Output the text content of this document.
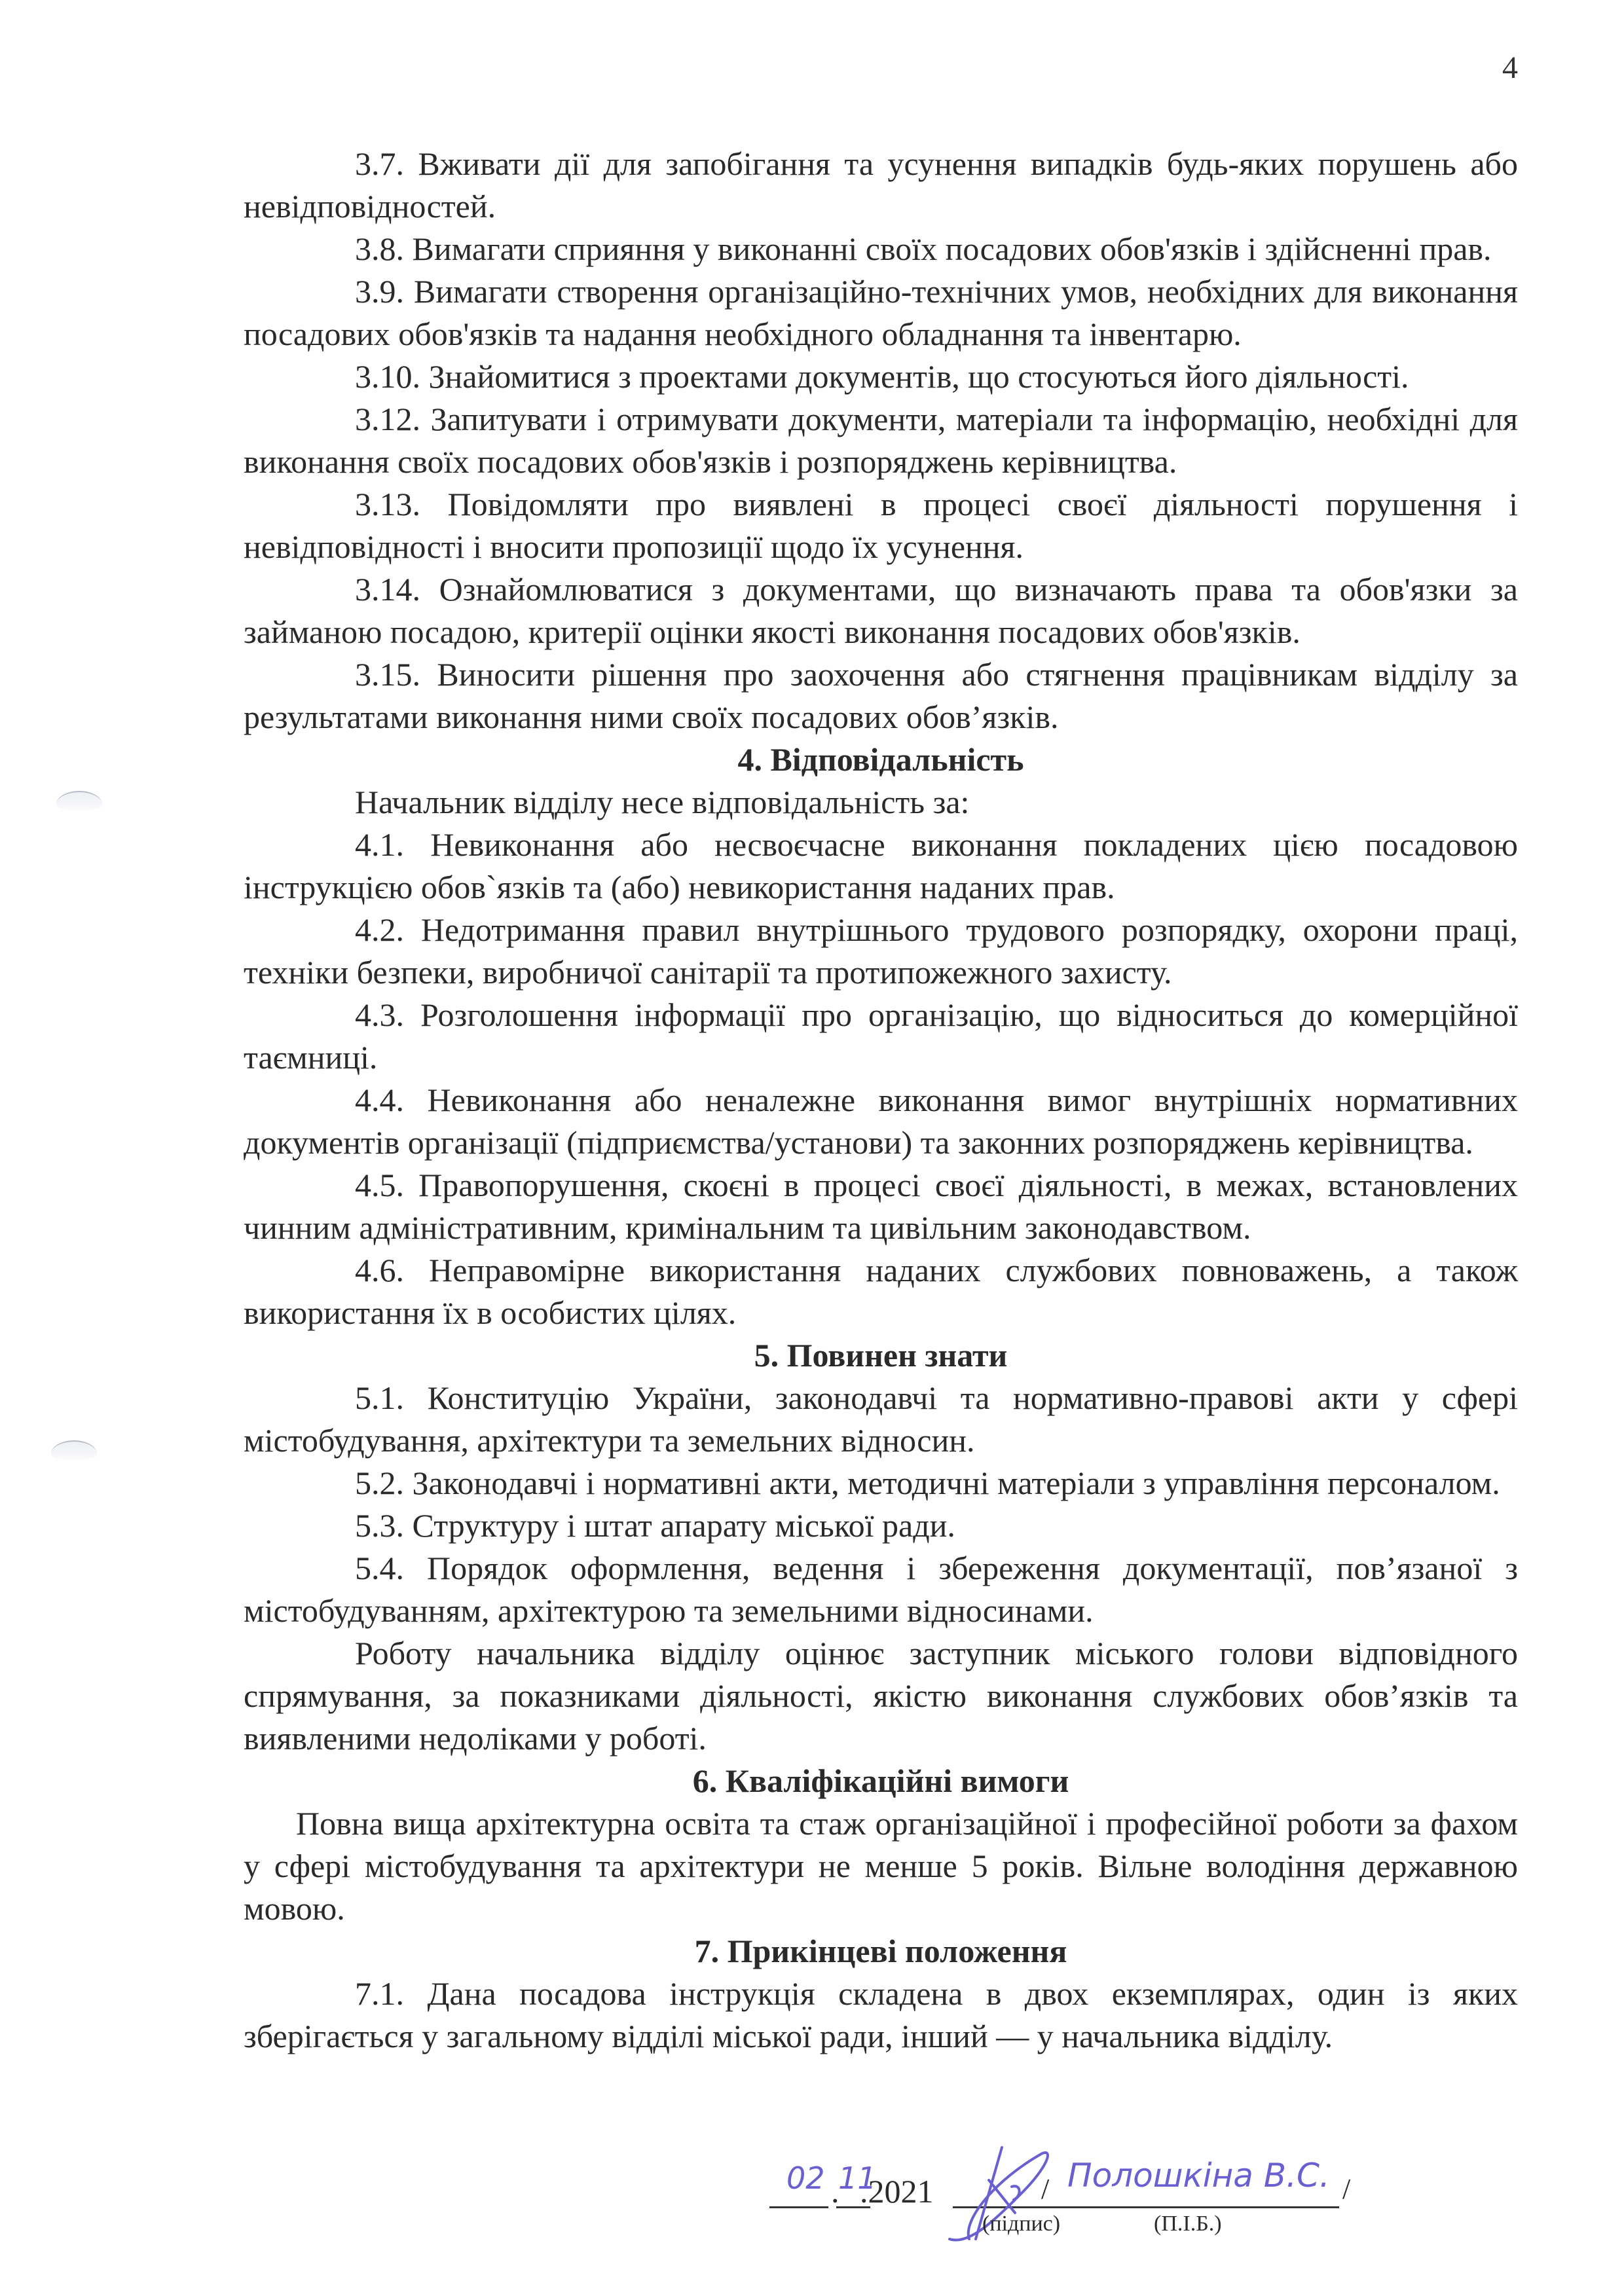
4

3.7. Вживати дії для запобігання та усунення випадків будь-яких порушень або невідповідностей.

3.8. Вимагати сприяння у виконанні своїх посадових обов'язків і здійсненні прав.

3.9. Вимагати створення організаційно-технічних умов, необхідних для виконання посадових обов'язків та надання необхідного обладнання та інвентарю.

3.10. Знайомитися з проектами документів, що стосуються його діяльності.

3.12. Запитувати і отримувати документи, матеріали та інформацію, необхідні для виконання своїх посадових обов'язків і розпоряджень керівництва.

3.13. Повідомляти про виявлені в процесі своєї діяльності порушення і невідповідності і вносити пропозиції щодо їх усунення.

3.14. Ознайомлюватися з документами, що визначають права та обов'язки за займаною посадою, критерії оцінки якості виконання посадових обов'язків.

3.15. Виносити рішення про заохочення або стягнення працівникам відділу за результатами виконання ними своїх посадових обов’язків.

4. Відповідальність

Начальник відділу несе відповідальність за:

4.1. Невиконання або несвоєчасне виконання покладених цією посадовою інструкцією обов`язків та (або) невикористання наданих прав.

4.2. Недотримання правил внутрішнього трудового розпорядку, охорони праці, техніки безпеки, виробничої санітарії та протипожежного захисту.

4.3. Розголошення інформації про організацію, що відноситься до комерційної таємниці.

4.4. Невиконання або неналежне виконання вимог внутрішніх нормативних документів організації (підприємства/установи) та законних розпоряджень керівництва.

4.5. Правопорушення, скоєні в процесі своєї діяльності, в межах, встановлених чинним адміністративним, кримінальним та цивільним законодавством.

4.6. Неправомірне використання наданих службових повноважень, а також використання їх в особистих цілях.

5. Повинен знати

5.1. Конституцію України, законодавчі та нормативно-правові акти у сфері містобудування, архітектури та земельних відносин.

5.2. Законодавчі і нормативні акти, методичні матеріали з управління персоналом.

5.3. Структуру і штат апарату міської ради.

5.4. Порядок оформлення, ведення і збереження документації, пов’язаної з містобудуванням, архітектурою та земельними відносинами.

Роботу начальника відділу оцінює заступник міського голови відповідного спрямування, за показниками діяльності, якістю виконання службових обов’язків та виявленими недоліками у роботі.

6. Кваліфікаційні вимоги

Повна вища архітектурна освіта та стаж організаційної і професійної роботи за фахом у сфері містобудування та архітектури не менше 5 років. Вільне володіння державною мовою.

7. Прикінцеві положення

7.1. Дана посадова інструкція складена в двох екземплярах, один із яких зберігається у загальному відділі міської ради, інший — у начальника відділу.

02 .
11
.2021
(підпис)
/ Полошкіна В.С. /
(П.І.Б.)
